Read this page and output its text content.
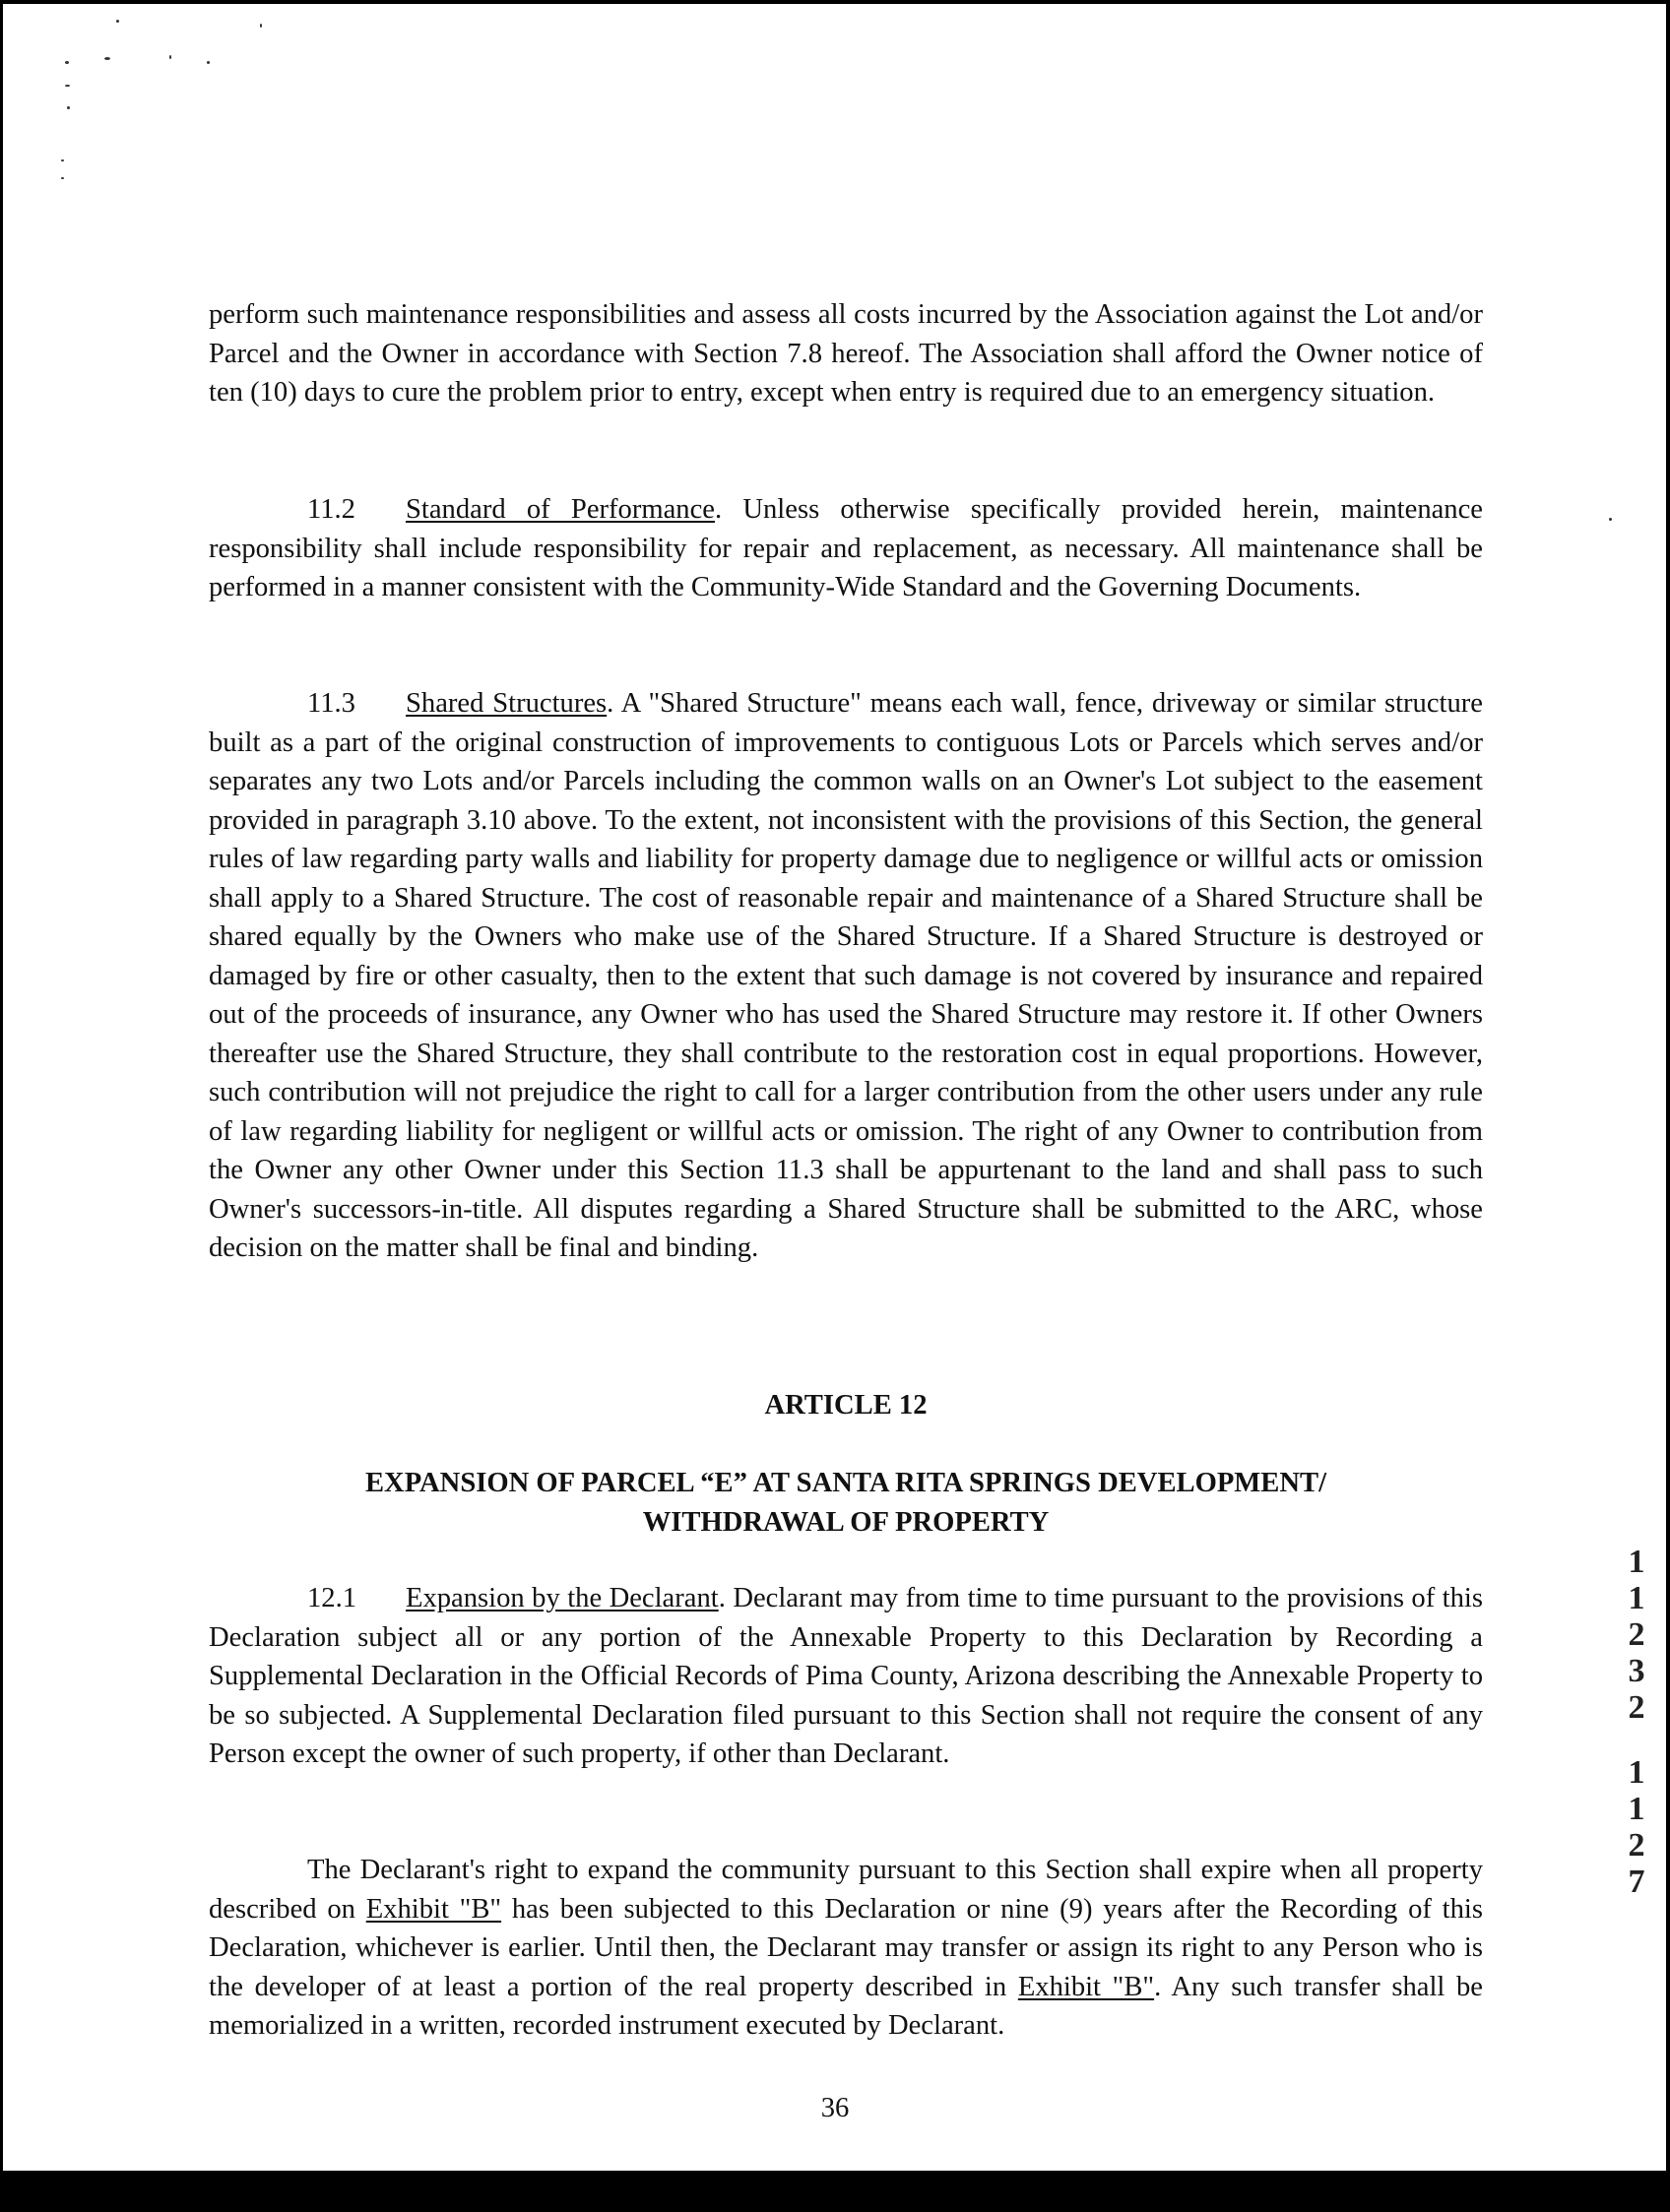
perform such maintenance responsibilities and assess all costs incurred by the Association against the Lot and/or Parcel and the Owner in accordance with Section 7.8 hereof. The Association shall afford the Owner notice of ten (10) days to cure the problem prior to entry, except when entry is required due to an emergency situation.

11.2 Standard of Performance. Unless otherwise specifically provided herein, maintenance responsibility shall include responsibility for repair and replacement, as necessary. All maintenance shall be performed in a manner consistent with the Community-Wide Standard and the Governing Documents.

11.3 Shared Structures. A "Shared Structure" means each wall, fence, driveway or similar structure built as a part of the original construction of improvements to contiguous Lots or Parcels which serves and/or separates any two Lots and/or Parcels including the common walls on an Owner's Lot subject to the easement provided in paragraph 3.10 above. To the extent, not inconsistent with the provisions of this Section, the general rules of law regarding party walls and liability for property damage due to negligence or willful acts or omission shall apply to a Shared Structure. The cost of reasonable repair and maintenance of a Shared Structure shall be shared equally by the Owners who make use of the Shared Structure. If a Shared Structure is destroyed or damaged by fire or other casualty, then to the extent that such damage is not covered by insurance and repaired out of the proceeds of insurance, any Owner who has used the Shared Structure may restore it. If other Owners thereafter use the Shared Structure, they shall contribute to the restoration cost in equal proportions. However, such contribution will not prejudice the right to call for a larger contribution from the other users under any rule of law regarding liability for negligent or willful acts or omission. The right of any Owner to contribution from the Owner any other Owner under this Section 11.3 shall be appurtenant to the land and shall pass to such Owner's successors-in-title. All disputes regarding a Shared Structure shall be submitted to the ARC, whose decision on the matter shall be final and binding.

ARTICLE 12

EXPANSION OF PARCEL “E” AT SANTA RITA SPRINGS DEVELOPMENT/

WITHDRAWAL OF PROPERTY

12.1 Expansion by the Declarant. Declarant may from time to time pursuant to the provisions of this Declaration subject all or any portion of the Annexable Property to this Declaration by Recording a Supplemental Declaration in the Official Records of Pima County, Arizona describing the Annexable Property to be so subjected. A Supplemental Declaration filed pursuant to this Section shall not require the consent of any Person except the owner of such property, if other than Declarant.

The Declarant's right to expand the community pursuant to this Section shall expire when all property described on Exhibit "B" has been subjected to this Declaration or nine (9) years after the Recording of this Declaration, whichever is earlier. Until then, the Declarant may transfer or assign its right to any Person who is the developer of at least a portion of the real property described in Exhibit "B". Any such transfer shall be memorialized in a written, recorded instrument executed by Declarant.

36
1
1
2
3
2
1
1
2
7
